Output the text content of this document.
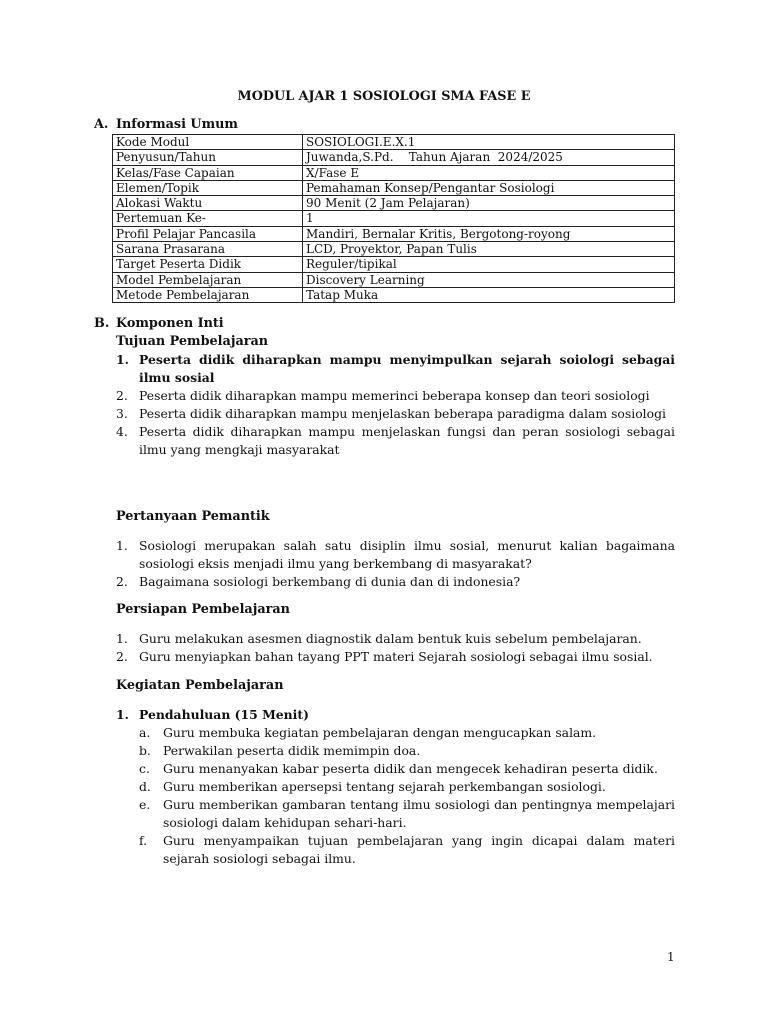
MODUL AJAR 1 SOSIOLOGI SMA FASE E
A. Informasi Umum
Kode Modul	SOSIOLOGI.E.X.1
Penyusun/Tahun	Juwanda,S.Pd.    Tahun Ajaran  2024/2025
Kelas/Fase Capaian	X/Fase E
Elemen/Topik	Pemahaman Konsep/Pengantar Sosiologi
Alokasi Waktu	90 Menit (2 Jam Pelajaran)
Pertemuan Ke-	1
Profil Pelajar Pancasila	Mandiri, Bernalar Kritis, Bergotong-royong
Sarana Prasarana	LCD, Proyektor, Papan Tulis
Target Peserta Didik	Reguler/tipikal
Model Pembelajaran	Discovery Learning
Metode Pembelajaran	Tatap Muka
B. Komponen Inti
Tujuan Pembelajaran
1. Peserta didik diharapkan mampu menyimpulkan sejarah soiologi sebagai ilmu sosial
2. Peserta didik diharapkan mampu memerinci beberapa konsep dan teori sosiologi
3. Peserta didik diharapkan mampu menjelaskan beberapa paradigma dalam sosiologi
4. Peserta didik diharapkan mampu menjelaskan fungsi dan peran sosiologi sebagai ilmu yang mengkaji masyarakat
Pertanyaan Pemantik
1. Sosiologi merupakan salah satu disiplin ilmu sosial, menurut kalian bagaimana sosiologi eksis menjadi ilmu yang berkembang di masyarakat?
2. Bagaimana sosiologi berkembang di dunia dan di indonesia?
Persiapan Pembelajaran
1. Guru melakukan asesmen diagnostik dalam bentuk kuis sebelum pembelajaran.
2. Guru menyiapkan bahan tayang PPT materi Sejarah sosiologi sebagai ilmu sosial.
Kegiatan Pembelajaran
1. Pendahuluan (15 Menit)
a. Guru membuka kegiatan pembelajaran dengan mengucapkan salam.
b. Perwakilan peserta didik memimpin doa.
c. Guru menanyakan kabar peserta didik dan mengecek kehadiran peserta didik.
d. Guru memberikan apersepsi tentang sejarah perkembangan sosiologi.
e. Guru memberikan gambaran tentang ilmu sosiologi dan pentingnya mempelajari sosiologi dalam kehidupan sehari-hari.
f. Guru menyampaikan tujuan pembelajaran yang ingin dicapai dalam materi sejarah sosiologi sebagai ilmu.
1
